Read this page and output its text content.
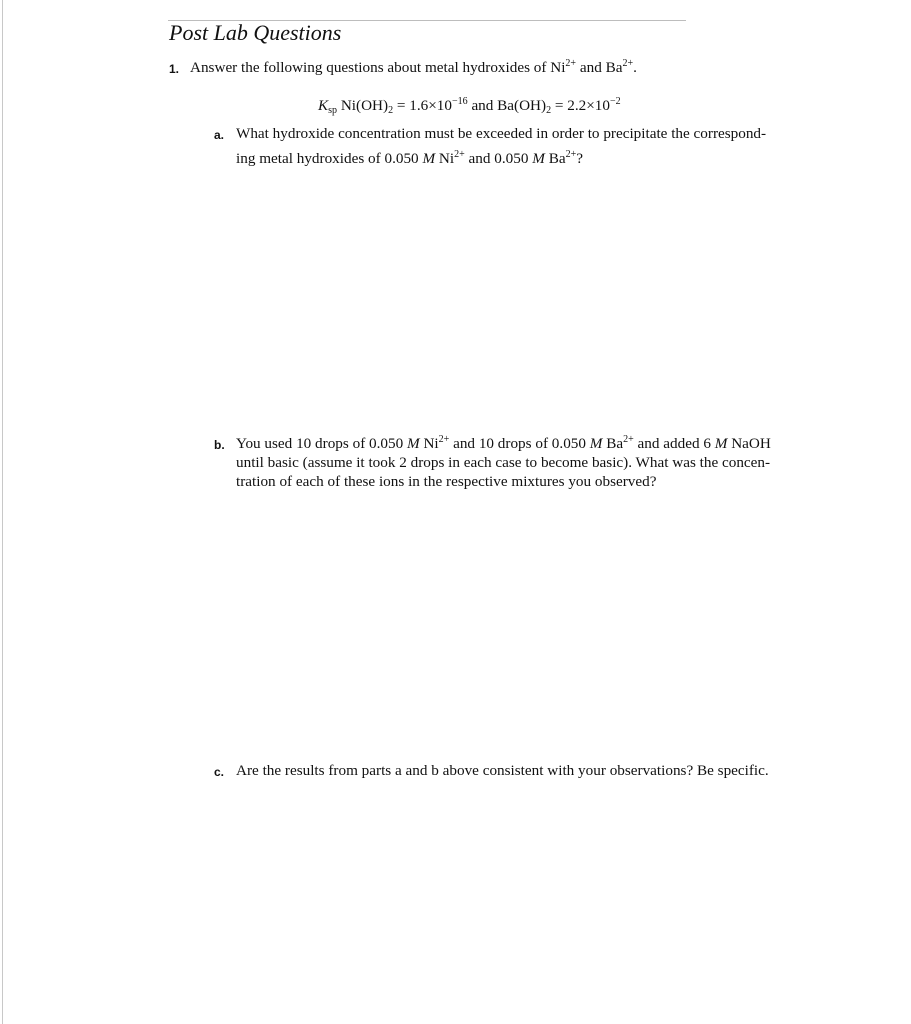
Post Lab Questions
1. Answer the following questions about metal hydroxides of $Ni^{2+}$ and $Ba^{2+}$.
$K_{sp}$ $Ni(OH)_2 = 1.6\times 10^{-16}$ and $Ba(OH)_2 = 2.2\times 10^{-2}$
a. What hydroxide concentration must be exceeded in order to precipitate the correspond-
ing metal hydroxides of 0.050 M $Ni^{2+}$ and 0.050 M $Ba^{2+}$?
b. You used 10 drops of 0.050 M $Ni^{2+}$ and 10 drops of 0.050 M $Ba^{2+}$ and added 6 M NaOH
until basic (assume it took 2 drops in each case to become basic). What was the concen-
tration of each of these ions in the respective mixtures you observed?
c. Are the results from parts a and b above consistent with your observations? Be specific.
